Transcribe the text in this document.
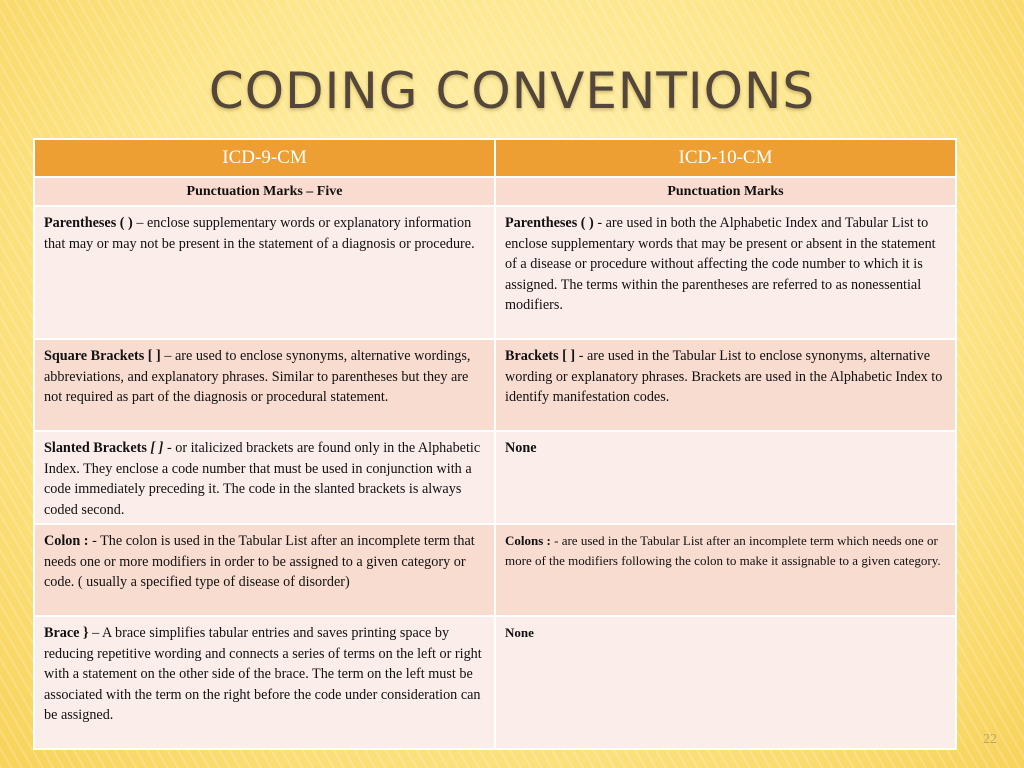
CODING CONVENTIONS
ICD-9-CM	ICD-10-CM
Punctuation Marks – Five	Punctuation Marks
Parentheses ( ) – enclose supplementary words or explanatory information that may or may not be present in the statement of a diagnosis or procedure.	Parentheses ( ) - are used in both the Alphabetic Index and Tabular List to enclose supplementary words that may be present or absent in the statement of a disease or procedure without affecting the code number to which it is assigned. The terms within the parentheses are referred to as nonessential modifiers.
Square Brackets [ ] – are used to enclose synonyms, alternative wordings, abbreviations, and explanatory phrases. Similar to parentheses but they are not required as part of the diagnosis or procedural statement.	Brackets [ ] - are used in the Tabular List to enclose synonyms, alternative wording or explanatory phrases. Brackets are used in the Alphabetic Index to identify manifestation codes.
Slanted Brackets [ ] - or italicized brackets are found only in the Alphabetic Index. They enclose a code number that must be used in conjunction with a code immediately preceding it. The code in the slanted brackets is always coded second.	None
Colon : - The colon is used in the Tabular List after an incomplete term that needs one or more modifiers in order to be assigned to a given category or code. ( usually a specified type of disease of disorder)	Colons : - are used in the Tabular List after an incomplete term which needs one or more of the modifiers following the colon to make it assignable to a given category.
Brace } – A brace simplifies tabular entries and saves printing space by reducing repetitive wording and connects a series of terms on the left or right with a statement on the other side of the brace. The term on the left must be associated with the term on the right before the code under consideration can be assigned.	None
22
